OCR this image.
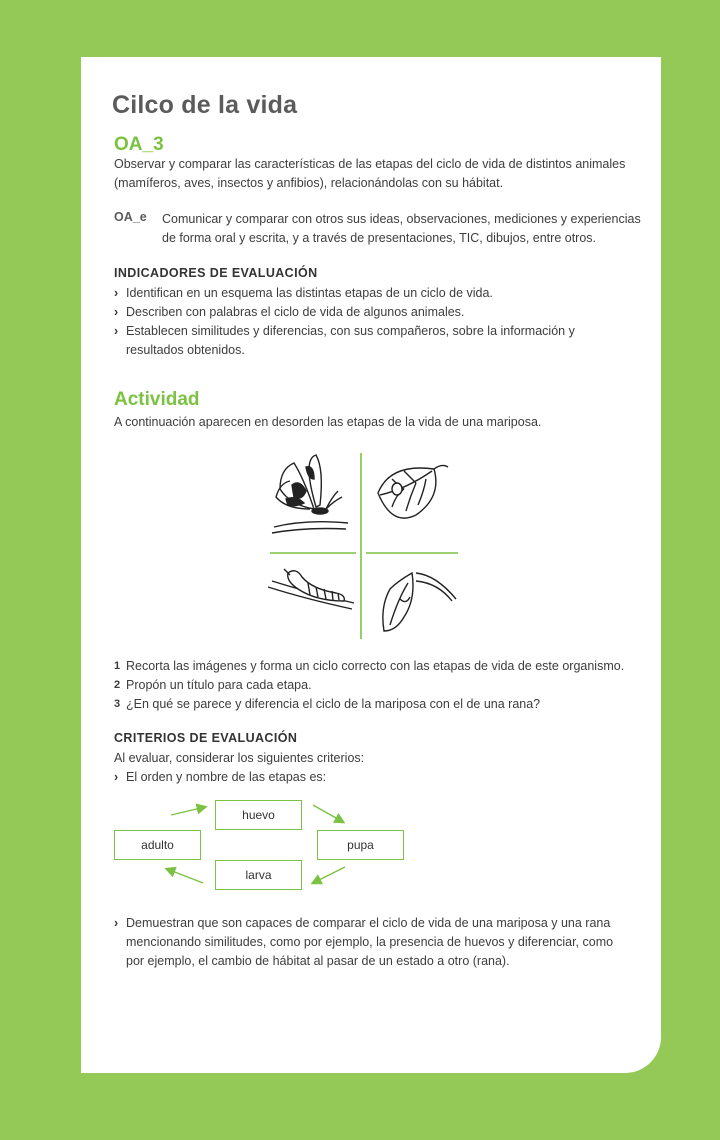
Cilco de la vida
OA_3
Observar y comparar las características de las etapas del ciclo de vida de distintos animales (mamíferos, aves, insectos y anfibios), relacionándolas con su hábitat.
OA_e Comunicar y comparar con otros sus ideas, observaciones, mediciones y experiencias de forma oral y escrita, y a través de presentaciones, TIC, dibujos, entre otros.
INDICADORES DE EVALUACIÓN
› Identifican en un esquema las distintas etapas de un ciclo de vida.
› Describen con palabras el ciclo de vida de algunos animales.
› Establecen similitudes y diferencias, con sus compañeros, sobre la información y resultados obtenidos.
Actividad
A continuación aparecen en desorden las etapas de la vida de una mariposa.
1 Recorta las imágenes y forma un ciclo correcto con las etapas de vida de este organismo.
2 Propón un título para cada etapa.
3 ¿En qué se parece y diferencia el ciclo de la mariposa con el de una rana?
CRITERIOS DE EVALUACIÓN
Al evaluar, considerar los siguientes criterios:
› El orden y nombre de las etapas es:
huevo
pupa
larva
adulto
› Demuestran que son capaces de comparar el ciclo de vida de una mariposa y una rana mencionando similitudes, como por ejemplo, la presencia de huevos y diferenciar, como por ejemplo, el cambio de hábitat al pasar de un estado a otro (rana).
